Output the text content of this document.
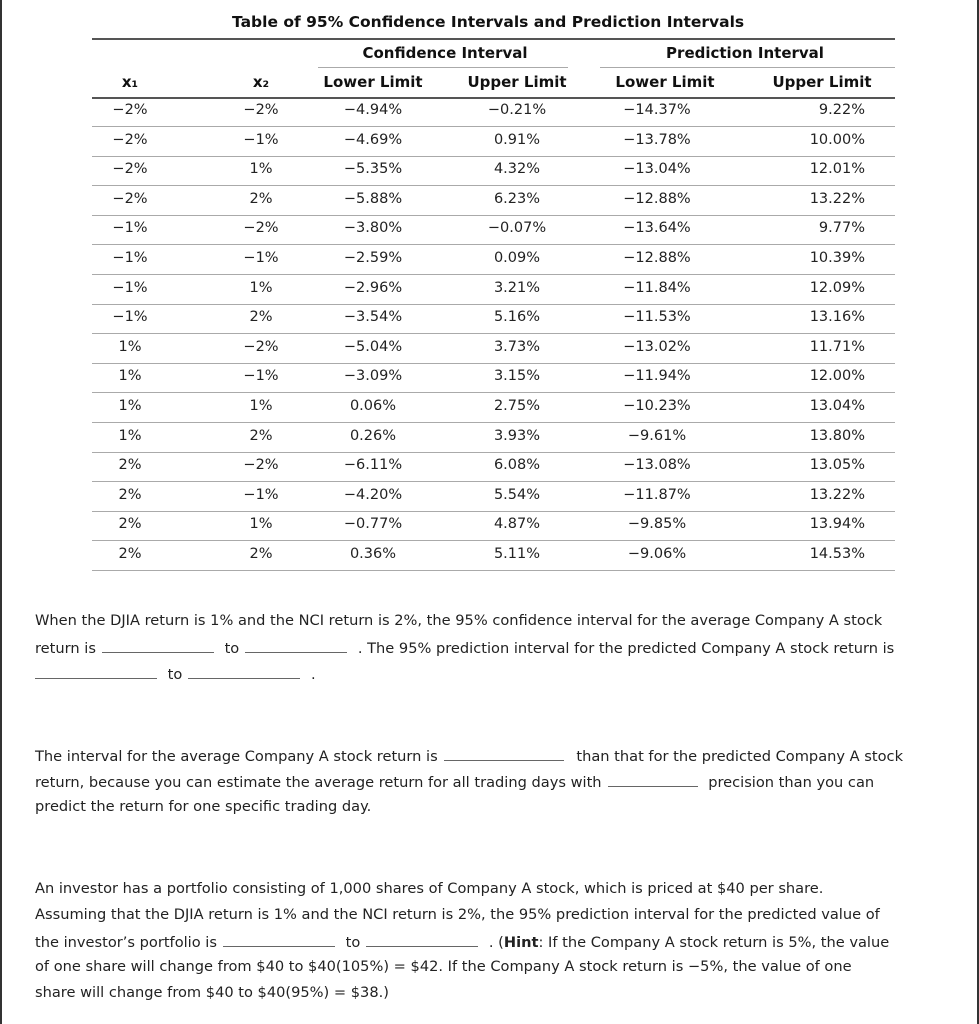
Table of 95% Confidence Intervals and Prediction Intervals
Confidence Interval	Prediction Interval
x₁	x₂	Lower Limit	Upper Limit	Lower Limit	Upper Limit
−2%	−2%	−4.94%	−0.21%	−14.37%	9.22%
−2%	−1%	−4.69%	0.91%	−13.78%	10.00%
−2%	1%	−5.35%	4.32%	−13.04%	12.01%
−2%	2%	−5.88%	6.23%	−12.88%	13.22%
−1%	−2%	−3.80%	−0.07%	−13.64%	9.77%
−1%	−1%	−2.59%	0.09%	−12.88%	10.39%
−1%	1%	−2.96%	3.21%	−11.84%	12.09%
−1%	2%	−3.54%	5.16%	−11.53%	13.16%
1%	−2%	−5.04%	3.73%	−13.02%	11.71%
1%	−1%	−3.09%	3.15%	−11.94%	12.00%
1%	1%	0.06%	2.75%	−10.23%	13.04%
1%	2%	0.26%	3.93%	−9.61%	13.80%
2%	−2%	−6.11%	6.08%	−13.08%	13.05%
2%	−1%	−4.20%	5.54%	−11.87%	13.22%
2%	1%	−0.77%	4.87%	−9.85%	13.94%
2%	2%	0.36%	5.11%	−9.06%	14.53%
When the DJIA return is 1% and the NCI return is 2%, the 95% confidence interval for the average Company A stock
return is	to	. The 95% prediction interval for the predicted Company A stock return is
to	.
The interval for the average Company A stock return is	than that for the predicted Company A stock
return, because you can estimate the average return for all trading days with	precision than you can
predict the return for one specific trading day.
An investor has a portfolio consisting of 1,000 shares of Company A stock, which is priced at $40 per share.
Assuming that the DJIA return is 1% and the NCI return is 2%, the 95% prediction interval for the predicted value of
the investor’s portfolio is	to	. (Hint: If the Company A stock return is 5%, the value
of one share will change from $40 to $40(105%) = $42. If the Company A stock return is −5%, the value of one
share will change from $40 to $40(95%) = $38.)
